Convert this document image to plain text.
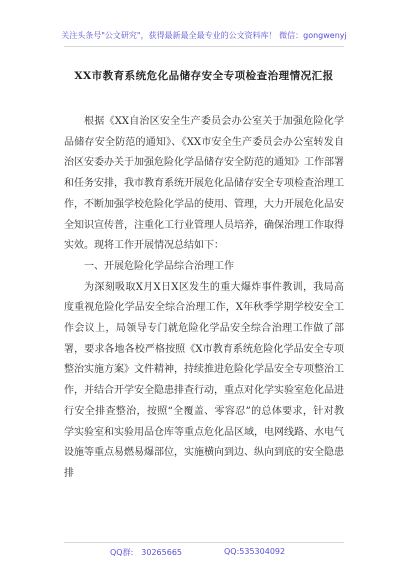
关注头条号"公文研究"，获得最新最全最专业的公文资料库！ 微信：gongwenyj
XX市教育系统危化品储存安全专项检查治理情况汇报

根据《XX自治区安全生产委员会办公室关于加强危险化学品储存安全防范的通知》、《XX市安全生产委员会办公室转发自治区安委办关于加强危险化学品储存安全防范的通知》工作部署和任务安排，我市教育系统开展危化品储存安全专项检查治理工作，不断加强学校危险化学品的使用、管理，大力开展危化品安全知识宣传普，注重化工行业管理人员培养，确保治理工作取得实效。现将工作开展情况总结如下：

一、开展危险化学品综合治理工作

为深刻吸取X月X日X区发生的重大爆炸事件教训，我局高度重视危险化学品安全综合治理工作，X年秋季学期学校安全工作会议上，局领导专门就危险化学品安全综合治理工作做了部署，要求各地各校严格按照《X市教育系统危险化学品安全专项整治实施方案》文件精神，持续推进危险化学品安全专项整治工作，并结合开学安全隐患排查行动，重点对化学实验室危化品进行安全排查整治，按照“全覆盖、零容忍”的总体要求，针对教学实验室和实验用品仓库等重点危化品区域，电网线路、水电气设施等重点易燃易爆部位，实施横向到边、纵向到底的安全隐患排

QQ群:　30265665	QQ:535304092
